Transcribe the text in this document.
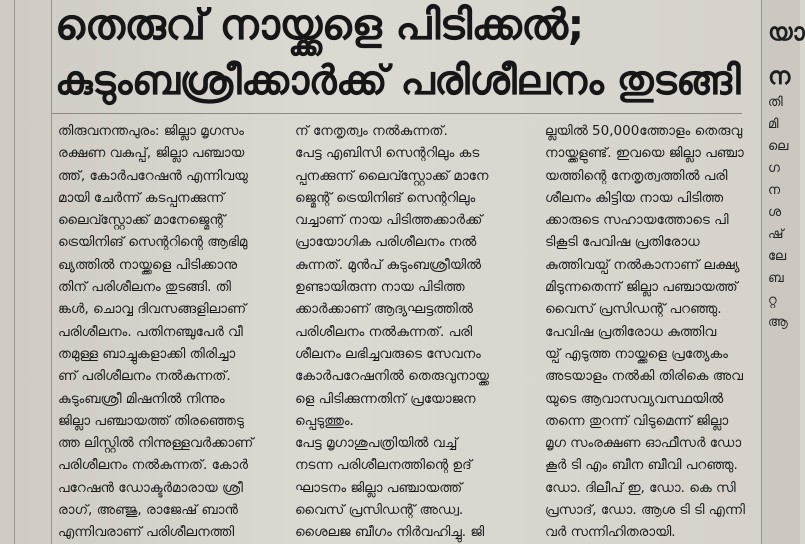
തെരുവ് നായ്ക്കളെ പിടിക്കൽ;
കുടുംബശ്രീക്കാർക്ക് പരിശീലനം തുടങ്ങി
തിരുവനന്തപുരം: ജില്ലാ മൃഗസം
രക്ഷണ വകുപ്പ്, ജില്ലാ പഞ്ചായ
ത്ത്, കോർപറേഷൻ എന്നിവയു
മായി ചേർന്ന് കടപ്പനക്കുന്ന്
ലൈവ്സ്റ്റോക്ക് മാനേജ്മെന്റ്
ട്രെയിനിങ് സെന്ററിന്റെ ആഭിമു
ഖ്യത്തിൽ നായ്ക്കളെ പിടിക്കാനു
തിന് പരിശീലനം തുടങ്ങി. തി
ങ്കൾ, ചൊവ്വ ദിവസങ്ങളിലാണ്
പരിശീലനം. പതിനഞ്ചുപേർ വീ
തമുള്ള ബാച്ചുകളാക്കി തിരിച്ചാ
ണ് പരിശീലനം നൽകുന്നത്.
കുടുംബശ്രീ മിഷനിൽ നിന്നും
ജില്ലാ പഞ്ചായത്ത് തിരഞ്ഞെടു
ത്ത ലിസ്റ്റിൽ നിന്നുള്ളവർക്കാണ്
പരിശീലനം നൽകുന്നത്. കോർ
പറേഷൻ ഡോക്ടർമാരായ ശ്രീ
രാഗ്, അഞ്ജു, രാജേഷ് ബാൻ
എന്നിവരാണ് പരിശീലനത്തി
ന് നേതൃത്വം നൽകുന്നത്.
പേട്ട എബിസി സെന്ററിലും കട
പ്പനക്കുന്ന് ലൈവ്സ്റ്റോക്ക് മാനേ
ജ്മെന്റ് ട്രെയിനിങ് സെന്ററിലും
വച്ചാണ് നായ പിടിത്തക്കാർക്ക്
പ്രായോഗിക പരിശീലനം നൽ
കുന്നത്. മുൻപ് കുടുംബശ്രീയിൽ
ഉണ്ടായിരുന്ന നായ പിടിത്ത
ക്കാർക്കാണ് ആദ്യഘട്ടത്തിൽ
പരിശീലനം നൽകുന്നത്. പരി
ശീലനം ലഭിച്ചവരുടെ സേവനം
കോർപറേഷനിൽ തെരുവുനായ്ക്ക
ളെ പിടിക്കുന്നതിന് പ്രയോജന
പ്പെടുത്തും.
പേട്ട മൃഗാശുപത്രിയിൽ വച്ച്
നടന്ന പരിശീലനത്തിന്റെ ഉദ്
ഘാടനം ജില്ലാ പഞ്ചായത്ത്
വൈസ് പ്രസിഡന്റ് അഡ്വ.
ശൈലജ ബീഗം നിർവഹിച്ചു. ജി
ല്ലയിൽ 50,000ത്തോളം തെരുവു
നായ്ക്കളുണ്ട്. ഇവയെ ജില്ലാ പഞ്ചാ
യത്തിന്റെ നേതൃത്വത്തിൽ പരി
ശീലനം കിട്ടിയ നായ പിടിത്ത
ക്കാരുടെ സഹായത്തോടെ പി
ടികൂടി പേവിഷ പ്രതിരോധ
കുത്തിവയ്പ് നൽകാനാണ് ലക്ഷ്യ
മിടുന്നതെന്ന് ജില്ലാ പഞ്ചായത്ത്
വൈസ് പ്രസിഡന്റ് പറഞ്ഞു.
പേവിഷ പ്രതിരോധ കുത്തിവ
യ്പ് എടുത്ത നായ്ക്കളെ പ്രത്യേകം
അടയാളം നൽകി തിരികെ അവ
യുടെ ആവാസവ്യവസ്ഥയിൽ
തന്നെ തുറന്ന് വിടുമെന്ന് ജില്ലാ
മൃഗ സംരക്ഷണ ഓഫീസർ ഡോ
കൂർ ടി എം ബീന ബീവി പറഞ്ഞു.
ഡോ. ദിലീപ് ഇ, ഡോ. കെ സി
പ്രസാദ്, ഡോ. ആശ ടി ടി എന്നി
വർ സന്നിഹിതരായി.
യാ
ന
തി
മി
ലെ
ഗ
ന
ശ
ഷ്
ലേ
ബ
റ്റ
ആ
